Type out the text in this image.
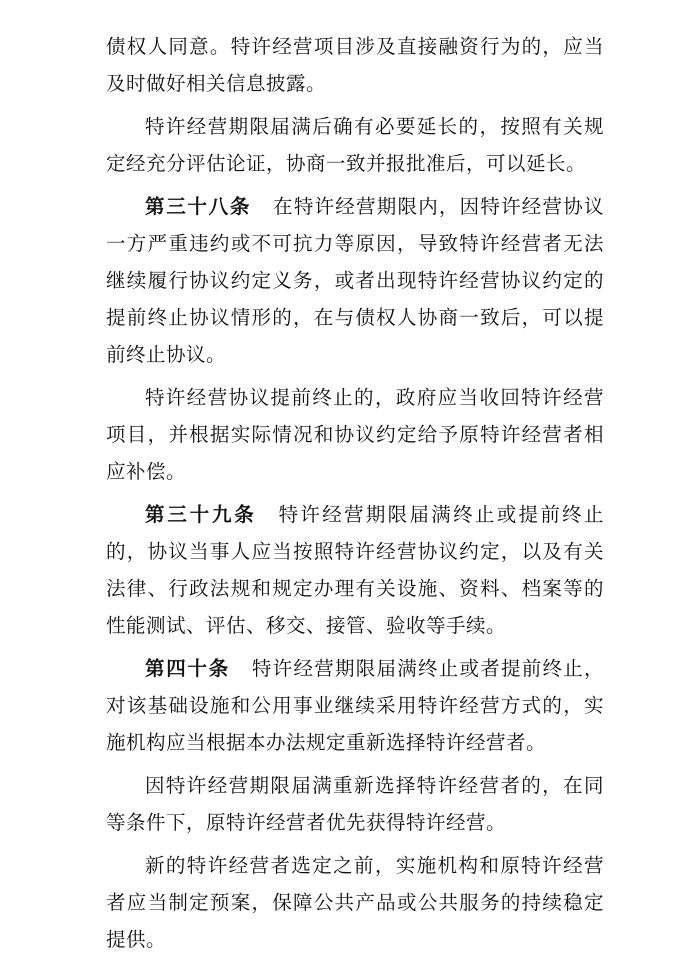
债权人同意。特许经营项目涉及直接融资行为的，应当及时做好相关信息披露。

特许经营期限届满后确有必要延长的，按照有关规定经充分评估论证，协商一致并报批准后，可以延长。

第三十八条 在特许经营期限内，因特许经营协议一方严重违约或不可抗力等原因，导致特许经营者无法继续履行协议约定义务，或者出现特许经营协议约定的提前终止协议情形的，在与债权人协商一致后，可以提前终止协议。

特许经营协议提前终止的，政府应当收回特许经营项目，并根据实际情况和协议约定给予原特许经营者相应补偿。

第三十九条 特许经营期限届满终止或提前终止的，协议当事人应当按照特许经营协议约定，以及有关法律、行政法规和规定办理有关设施、资料、档案等的性能测试、评估、移交、接管、验收等手续。

第四十条 特许经营期限届满终止或者提前终止，对该基础设施和公用事业继续采用特许经营方式的，实施机构应当根据本办法规定重新选择特许经营者。

因特许经营期限届满重新选择特许经营者的，在同等条件下，原特许经营者优先获得特许经营。

新的特许经营者选定之前，实施机构和原特许经营者应当制定预案，保障公共产品或公共服务的持续稳定提供。
